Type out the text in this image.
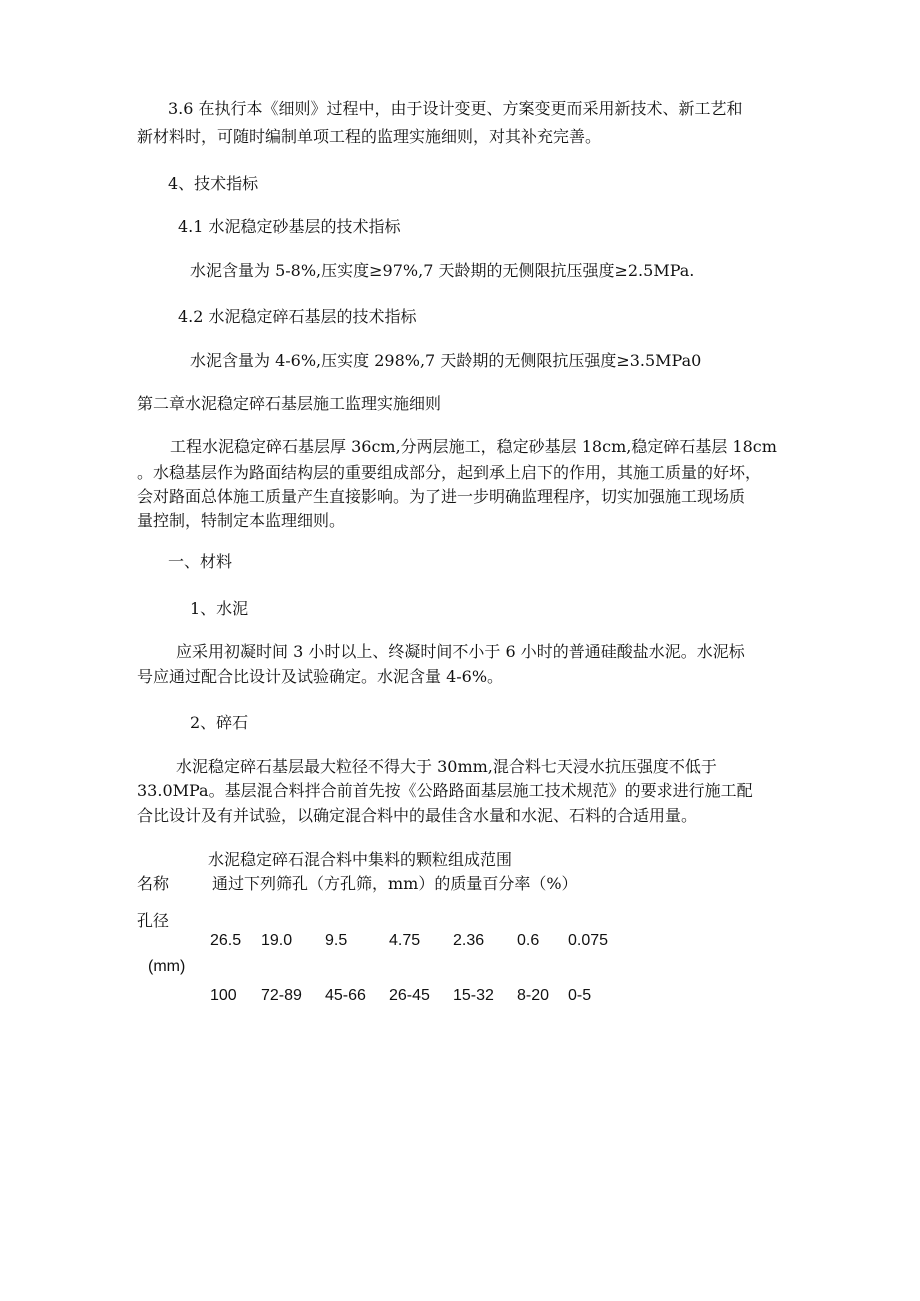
3.6 在执行本《细则》过程中，由于设计变更、方案变更而采用新技术、新工艺和
新材料时，可随时编制单项工程的监理实施细则，对其补充完善。
4、技术指标
4.1 水泥稳定砂基层的技术指标
水泥含量为 5-8%,压实度≥97%,7 天龄期的无侧限抗压强度≥2.5MPa.
4.2 水泥稳定碎石基层的技术指标
水泥含量为 4-6%,压实度 298%,7 天龄期的无侧限抗压强度≥3.5MPa0
第二章水泥稳定碎石基层施工监理实施细则
工程水泥稳定碎石基层厚 36cm,分两层施工，稳定砂基层 18cm,稳定碎石基层 18cm
。水稳基层作为路面结构层的重要组成部分，起到承上启下的作用，其施工质量的好坏，
会对路面总体施工质量产生直接影响。为了进一步明确监理程序，切实加强施工现场质
量控制，特制定本监理细则。
一、材料
1、水泥
应采用初凝时间 3 小时以上、终凝时间不小于 6 小时的普通硅酸盐水泥。水泥标
号应通过配合比设计及试验确定。水泥含量 4-6%。
2、碎石
水泥稳定碎石基层最大粒径不得大于 30mm,混合料七天浸水抗压强度不低于
33.0MPa。基层混合料拌合前首先按《公路路面基层施工技术规范》的要求进行施工配
合比设计及有并试验，以确定混合料中的最佳含水量和水泥、石料的合适用量。
水泥稳定碎石混合料中集料的颗粒组成范围
名称	通过下列筛孔（方孔筛，mm）的质量百分率（%）
孔径
(mm)
26.5 19.0 9.5	4.75 2.36 0.6 0.075
100 72-89 45-66 26-45 15-32 8-20 0-5
